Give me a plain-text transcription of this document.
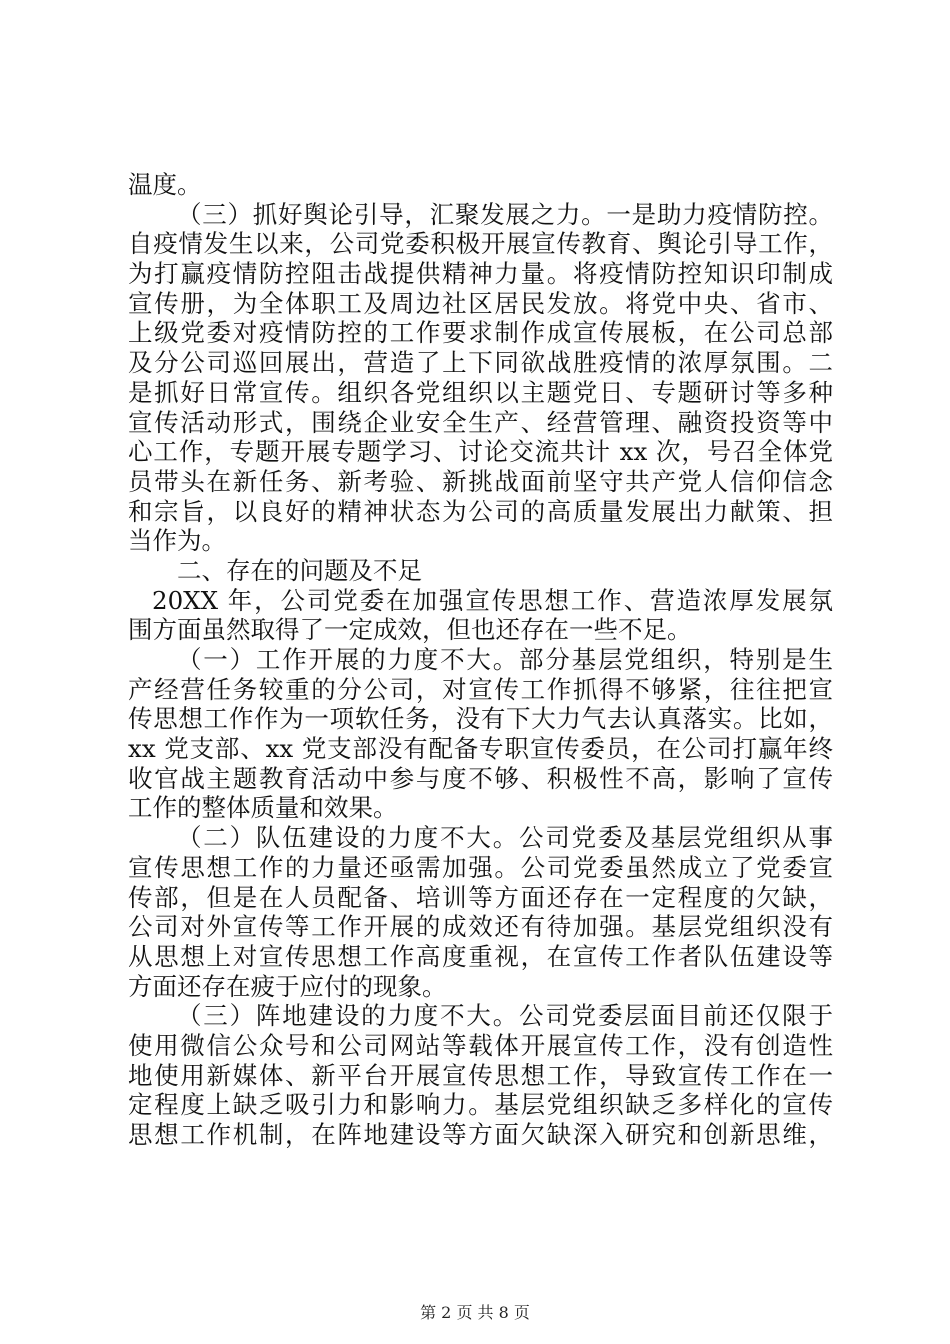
温度。
（三）抓好舆论引导，汇聚发展之力。一是助力疫情防控。
自疫情发生以来，公司党委积极开展宣传教育、舆论引导工作，
为打赢疫情防控阻击战提供精神力量。将疫情防控知识印制成
宣传册，为全体职工及周边社区居民发放。将党中央、省市、
上级党委对疫情防控的工作要求制作成宣传展板，在公司总部
及分公司巡回展出，营造了上下同欲战胜疫情的浓厚氛围。二
是抓好日常宣传。组织各党组织以主题党日、专题研讨等多种
宣传活动形式，围绕企业安全生产、经营管理、融资投资等中
心工作，专题开展专题学习、讨论交流共计 xx 次，号召全体党
员带头在新任务、新考验、新挑战面前坚守共产党人信仰信念
和宗旨，以良好的精神状态为公司的高质量发展出力献策、担
当作为。
二、存在的问题及不足
20XX 年，公司党委在加强宣传思想工作、营造浓厚发展氛
围方面虽然取得了一定成效，但也还存在一些不足。
（一）工作开展的力度不大。部分基层党组织，特别是生
产经营任务较重的分公司，对宣传工作抓得不够紧，往往把宣
传思想工作作为一项软任务，没有下大力气去认真落实。比如，
xx 党支部、xx 党支部没有配备专职宣传委员，在公司打赢年终
收官战主题教育活动中参与度不够、积极性不高，影响了宣传
工作的整体质量和效果。
（二）队伍建设的力度不大。公司党委及基层党组织从事
宣传思想工作的力量还亟需加强。公司党委虽然成立了党委宣
传部，但是在人员配备、培训等方面还存在一定程度的欠缺，
公司对外宣传等工作开展的成效还有待加强。基层党组织没有
从思想上对宣传思想工作高度重视，在宣传工作者队伍建设等
方面还存在疲于应付的现象。
（三）阵地建设的力度不大。公司党委层面目前还仅限于
使用微信公众号和公司网站等载体开展宣传工作，没有创造性
地使用新媒体、新平台开展宣传思想工作，导致宣传工作在一
定程度上缺乏吸引力和影响力。基层党组织缺乏多样化的宣传
思想工作机制，在阵地建设等方面欠缺深入研究和创新思维，
第 2 页 共 8 页
